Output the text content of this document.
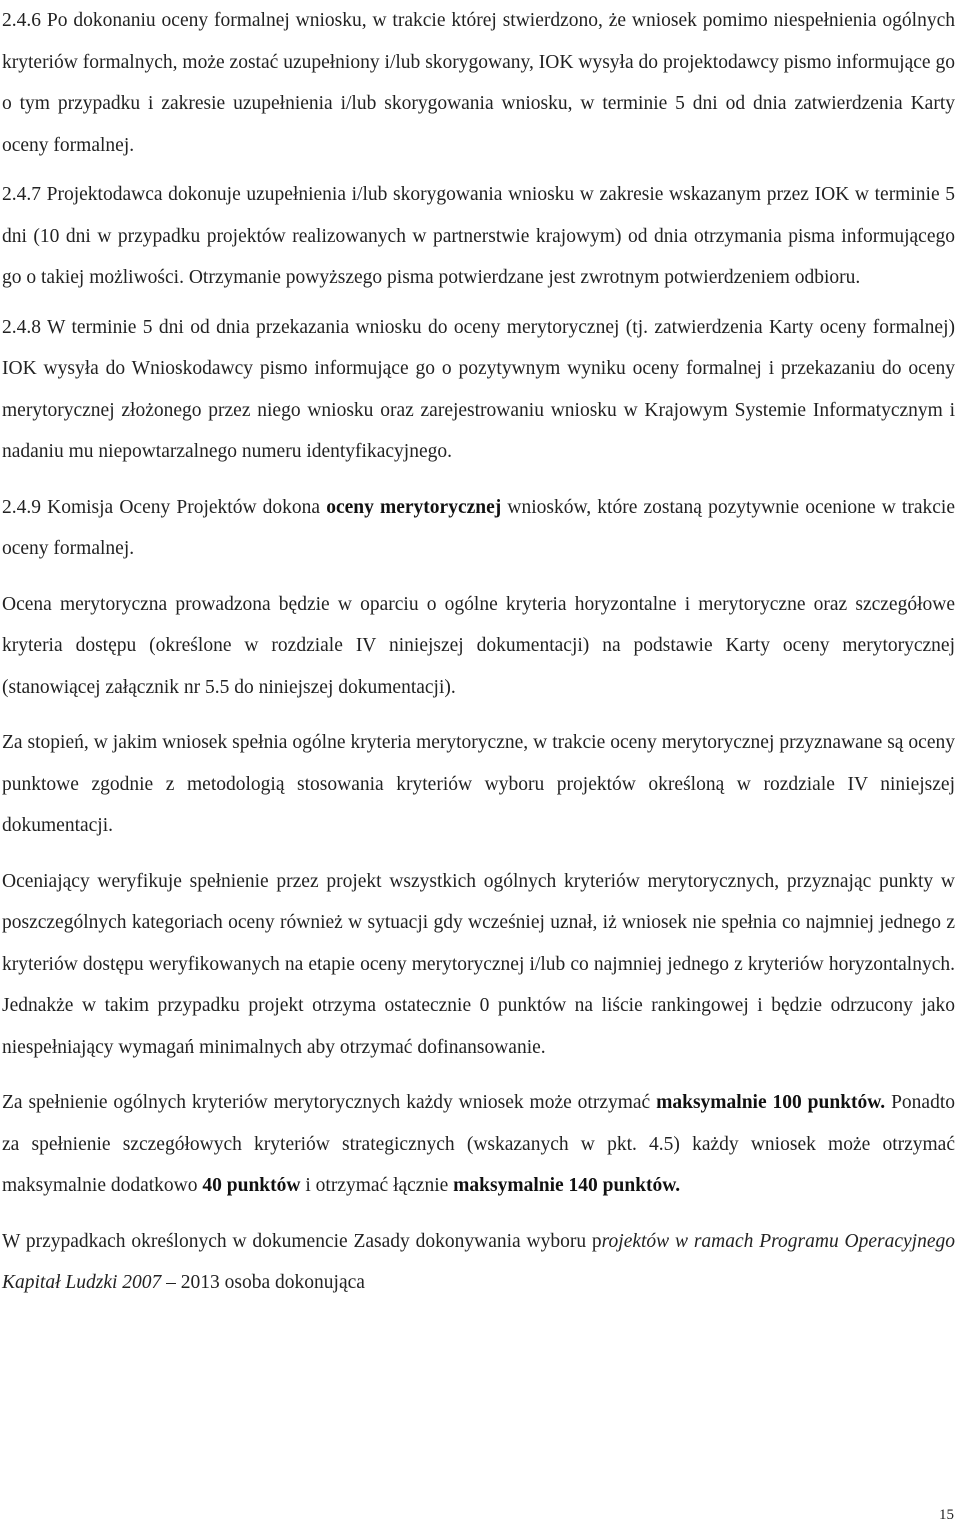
2.4.6 Po dokonaniu oceny formalnej wniosku, w trakcie której stwierdzono, że wniosek pomimo niespełnienia ogólnych kryteriów formalnych, może zostać uzupełniony i/lub skorygowany, IOK wysyła do projektodawcy pismo informujące go o tym przypadku i zakresie uzupełnienia i/lub skorygowania wniosku, w terminie 5 dni od dnia zatwierdzenia Karty oceny formalnej.

2.4.7 Projektodawca dokonuje uzupełnienia i/lub skorygowania wniosku w zakresie wskazanym przez IOK w terminie 5 dni (10 dni w przypadku projektów realizowanych w partnerstwie krajowym) od dnia otrzymania pisma informującego go o takiej możliwości. Otrzymanie powyższego pisma potwierdzane jest zwrotnym potwierdzeniem odbioru.

2.4.8 W terminie 5 dni od dnia przekazania wniosku do oceny merytorycznej (tj. zatwierdzenia Karty oceny formalnej) IOK wysyła do Wnioskodawcy pismo informujące go o pozytywnym wyniku oceny formalnej i przekazaniu do oceny merytorycznej złożonego przez niego wniosku oraz zarejestrowaniu wniosku w Krajowym Systemie Informatycznym i nadaniu mu niepowtarzalnego numeru identyfikacyjnego.

2.4.9 Komisja Oceny Projektów dokona oceny merytorycznej wniosków, które zostaną pozytywnie ocenione w trakcie oceny formalnej.

Ocena merytoryczna prowadzona będzie w oparciu o ogólne kryteria horyzontalne i merytoryczne oraz szczegółowe kryteria dostępu (określone w rozdziale IV niniejszej dokumentacji) na podstawie Karty oceny merytorycznej (stanowiącej załącznik nr 5.5 do niniejszej dokumentacji).

Za stopień, w jakim wniosek spełnia ogólne kryteria merytoryczne, w trakcie oceny merytorycznej przyznawane są oceny punktowe zgodnie z metodologią stosowania kryteriów wyboru projektów określoną w rozdziale IV niniejszej dokumentacji.

Oceniający weryfikuje spełnienie przez projekt wszystkich ogólnych kryteriów merytorycznych, przyznając punkty w poszczególnych kategoriach oceny również w sytuacji gdy wcześniej uznał, iż wniosek nie spełnia co najmniej jednego z kryteriów dostępu weryfikowanych na etapie oceny merytorycznej i/lub co najmniej jednego z kryteriów horyzontalnych. Jednakże w takim przypadku projekt otrzyma ostatecznie 0 punktów na liście rankingowej i będzie odrzucony jako niespełniający wymagań minimalnych aby otrzymać dofinansowanie.

Za spełnienie ogólnych kryteriów merytorycznych każdy wniosek może otrzymać maksymalnie 100 punktów. Ponadto za spełnienie szczegółowych kryteriów strategicznych (wskazanych w pkt. 4.5) każdy wniosek może otrzymać maksymalnie dodatkowo 40 punktów i otrzymać łącznie maksymalnie 140 punktów.

W przypadkach określonych w dokumencie Zasady dokonywania wyboru projektów w ramach Programu Operacyjnego Kapitał Ludzki 2007 – 2013 osoba dokonująca

15
